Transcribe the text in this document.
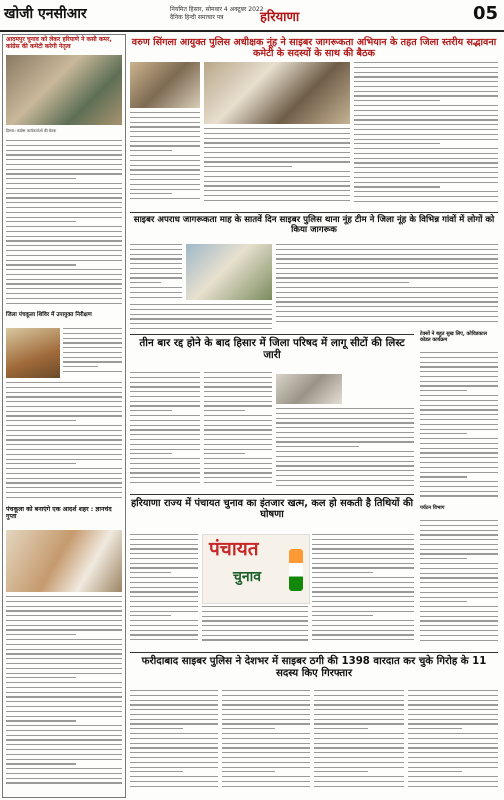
खोजी एनसीआर	नियमित हिसार, सोमवार 4 अक्टूबर 2022
दैनिक हिन्दी समाचार पत्र	हरियाणा	05
आदमपुर चुनाव को लेकर हरियाणे ने कसी कमर, कांग्रेस की कमेटी करेगी नेतृत्व
हिसार। कांग्रेस कार्यकर्ताओं की बैठक
जिला पंचकूला शिविर में उपायुक्त निरीक्षण
पंचकूला को बनाएंगे एक आदर्श शहर : ज्ञानचंद गुप्ता
वरुण सिंगला आयुक्त पुलिस अधीक्षक नूंह ने साइबर जागरूकता अभियान के तहत जिला स्तरीय सद्भावना कमेटी के सदस्यों के साथ की बैठक
साइबर अपराध जागरूकता माह के सातवें दिन साइबर पुलिस थाना नूंह टीम ने जिला नूंह के विभिन्न गांवों में लोगों को किया जागरूक
टेक्सों ने बहुत सुख लिए, कोविडकाल कोडत कार्यक्रम
तीन बार रद्द होने के बाद हिसार में जिला परिषद में लागू सीटों की लिस्ट जारी
हरियाणा राज्य में पंचायत चुनाव का इंतजार खत्म, कल हो सकती है तिथियों की घोषणा
पंचायत
चुनाव
पर्यटन विभाग
फरीदाबाद साइबर पुलिस ने देशभर में साइबर ठगी की 1398 वारदात कर चुके गिरोह के 11 सदस्य किए गिरफ्तार
